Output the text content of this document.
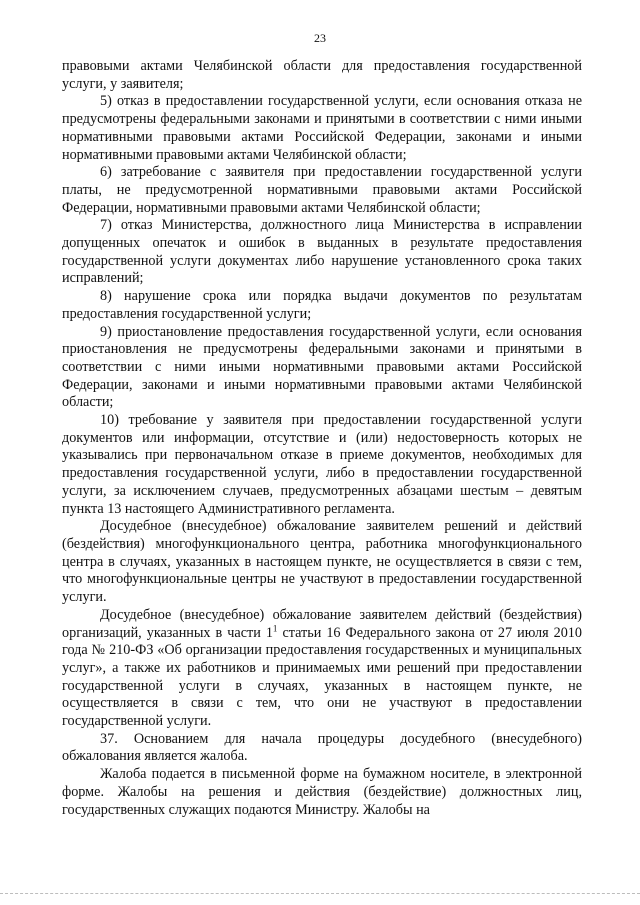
23

правовыми актами Челябинской области для предоставления государственной услуги, у заявителя;

5) отказ в предоставлении государственной услуги, если основания отказа не предусмотрены федеральными законами и принятыми в соответствии с ними иными нормативными правовыми актами Российской Федерации, законами и иными нормативными правовыми актами Челябинской области;

6) затребование с заявителя при предоставлении государственной услуги платы, не предусмотренной нормативными правовыми актами Российской Федерации, нормативными правовыми актами Челябинской области;

7) отказ Министерства, должностного лица Министерства в исправлении допущенных опечаток и ошибок в выданных в результате предоставления государственной услуги документах либо нарушение установленного срока таких исправлений;

8) нарушение срока или порядка выдачи документов по результатам предоставления государственной услуги;

9) приостановление предоставления государственной услуги, если основания приостановления не предусмотрены федеральными законами и принятыми в соответствии с ними иными нормативными правовыми актами Российской Федерации, законами и иными нормативными правовыми актами Челябинской области;

10) требование у заявителя при предоставлении государственной услуги документов или информации, отсутствие и (или) недостоверность которых не указывались при первоначальном отказе в приеме документов, необходимых для предоставления государственной услуги, либо в предоставлении государственной услуги, за исключением случаев, предусмотренных абзацами шестым – девятым пункта 13 настоящего Административного регламента.

Досудебное (внесудебное) обжалование заявителем решений и действий (бездействия) многофункционального центра, работника многофункционального центра в случаях, указанных в настоящем пункте, не осуществляется в связи с тем, что многофункциональные центры не участвуют в предоставлении государственной услуги.

Досудебное (внесудебное) обжалование заявителем действий (бездействия) организаций, указанных в части $1^1$ статьи 16 Федерального закона от 27 июля 2010 года № 210-ФЗ «Об организации предоставления государственных и муниципальных услуг», а также их работников и принимаемых ими решений при предоставлении государственной услуги в случаях, указанных в настоящем пункте, не осуществляется в связи с тем, что они не участвуют в предоставлении государственной услуги.

37. Основанием для начала процедуры досудебного (внесудебного) обжалования является жалоба.

Жалоба подается в письменной форме на бумажном носителе, в электронной форме. Жалобы на решения и действия (бездействие) должностных лиц, государственных служащих подаются Министру. Жалобы на
